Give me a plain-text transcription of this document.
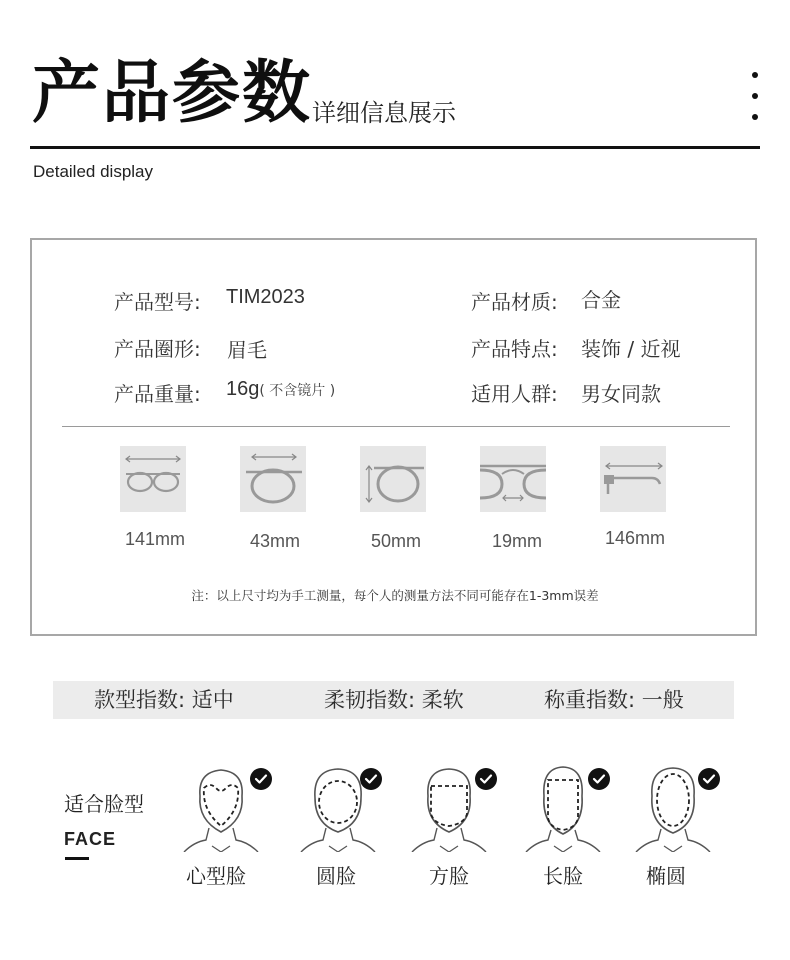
产品参数 详细信息展示
Detailed display
产品型号: TIM2023	产品材质: 合金
产品圈形: 眉毛	产品特点: 装饰 / 近视
产品重量: 16g( 不含镜片 )	适用人群: 男女同款
141mm	43mm	50mm	19mm	146mm
注：以上尺寸均为手工测量，每个人的测量方法不同可能存在1-3mm误差
款型指数: 适中	柔韧指数: 柔软	称重指数: 一般
适合脸型
FACE
心型脸	圆脸	方脸	长脸	椭圆
